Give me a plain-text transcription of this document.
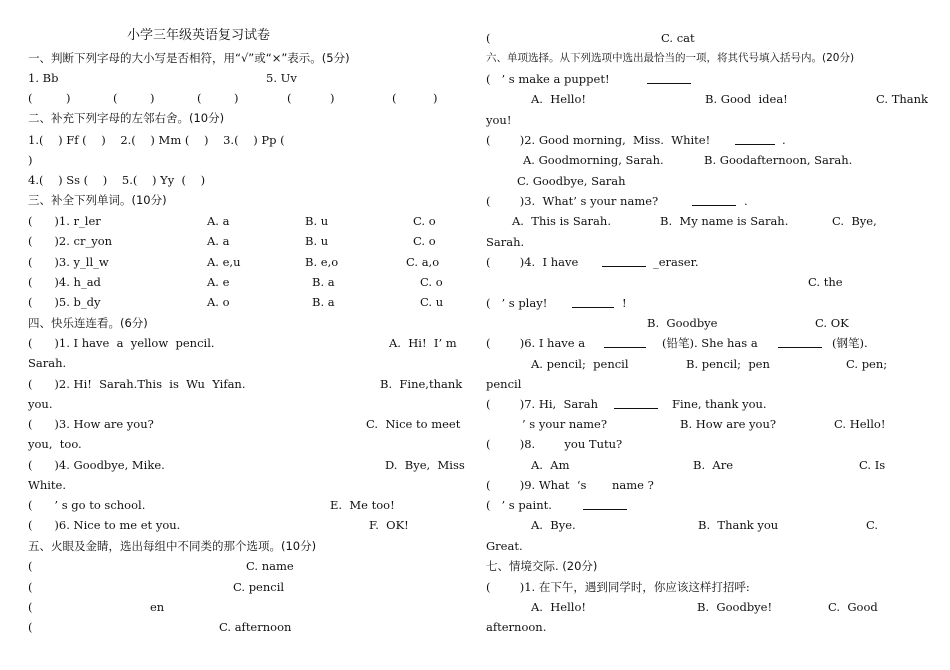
小学三年级英语复习试卷
一、判断下列字母的大小写是否相符，用“√”或“×”表示。(5分)
1. Bb	5. Uv
(	)	(	)	(	)	(	)	(	)
二、补充下列字母的左邻右舍。(10分)
1.(    ) Ff (    )    2.(    ) Mm (    )    3.(    ) Pp (
)
4.(    ) Ss (    )    5.(    ) Yy  (    )
三、补全下列单词。(10分)
(      )1. r_ler	A. a	B. u	C. o
(      )2. cr_yon	A. a	B. u	C. o
(      )3. y_ll_w	A. e,u	B. e,o	C. a,o
(      )4. h_ad	A. e	B. a	C. o
(      )5. b_dy	A. o	B. a	C. u
四、快乐连连看。(6分)
(      )1. I have  a  yellow  pencil.	A.  Hi!  I’ m
Sarah.
(      )2. Hi!  Sarah.This  is  Wu  Yifan.	B.  Fine,thank
you.
(      )3. How are you?	C.  Nice to meet
you,  too.
(      )4. Goodbye, Mike.	D.  Bye,  Miss
White.
(      ’ s go to school.	E.  Me too!
(      )6. Nice to me et you.	F.  OK!
五、火眼及金睛，选出每组中不同类的那个选项。(10分)
(	C. name
(	C. pencil
(	en
(	C. afternoon
(	C. cat
六、单项选择。从下列选项中选出最恰当的一项，将其代号填入括号内。(20分)
(   ’ s make a puppet!
A.  Hello!	B. Good  idea!	C. Thank
you!
(        )2. Good morning,  Miss.  White!	.
A. Goodmorning, Sarah.	B. Goodafternoon, Sarah.
C. Goodbye, Sarah
(        )3.  What’ s your name?	.
A.  This is Sarah.	B.  My name is Sarah.	C.  Bye,
Sarah.
(        )4.  I have	_eraser.
C. the
(   ’ s play!	!
B.  Goodbye	C. OK
(        )6. I have a	(铅笔). She has a	(钢笔).
A. pencil;  pencil	B. pencil;  pen	C. pen;
pencil
(        )7. Hi,  Sarah	Fine, thank you.
’ s your name?	B. How are you?	C. Hello!
(        )8.        you Tutu?
A.  Am	B.  Are	C. Is
(        )9. What  ‘s       name ?
(   ’ s paint.
A.  Bye.	B.  Thank you	C.
Great.
七、情境交际. (20分)
(        )1. 在下午，遇到同学时，你应该这样打招呼:
A.  Hello!	B.  Goodbye!	C.  Good
afternoon.
